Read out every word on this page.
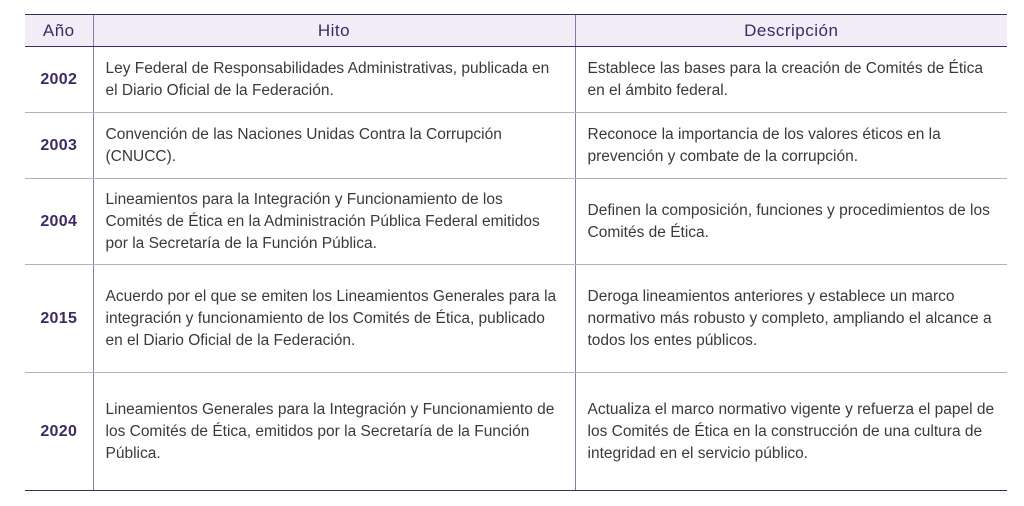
Año	Hito	Descripción
2002	Ley Federal de Responsabilidades Administrativas, publicada en el Diario Oficial de la Federación.	Establece las bases para la creación de Comités de Ética en el ámbito federal.
2003	Convención de las Naciones Unidas Contra la Corrupción (CNUCC).	Reconoce la importancia de los valores éticos en la prevención y combate de la corrupción.
2004	Lineamientos para la Integración y Funcionamiento de los Comités de Ética en la Administración Pública Federal emitidos por la Secretaría de la Función Pública.	Definen la composición, funciones y procedimientos de los Comités de Ética.
2015	Acuerdo por el que se emiten los Lineamientos Generales para la integración y funcionamiento de los Comités de Ética, publicado en el Diario Oficial de la Federación.	Deroga lineamientos anteriores y establece un marco normativo más robusto y completo, ampliando el alcance a todos los entes públicos.
2020	Lineamientos Generales para la Integración y Funcionamiento de los Comités de Ética, emitidos por la Secretaría de la Función Pública.	Actualiza el marco normativo vigente y refuerza el papel de los Comités de Ética en la construcción de una cultura de integridad en el servicio público.
